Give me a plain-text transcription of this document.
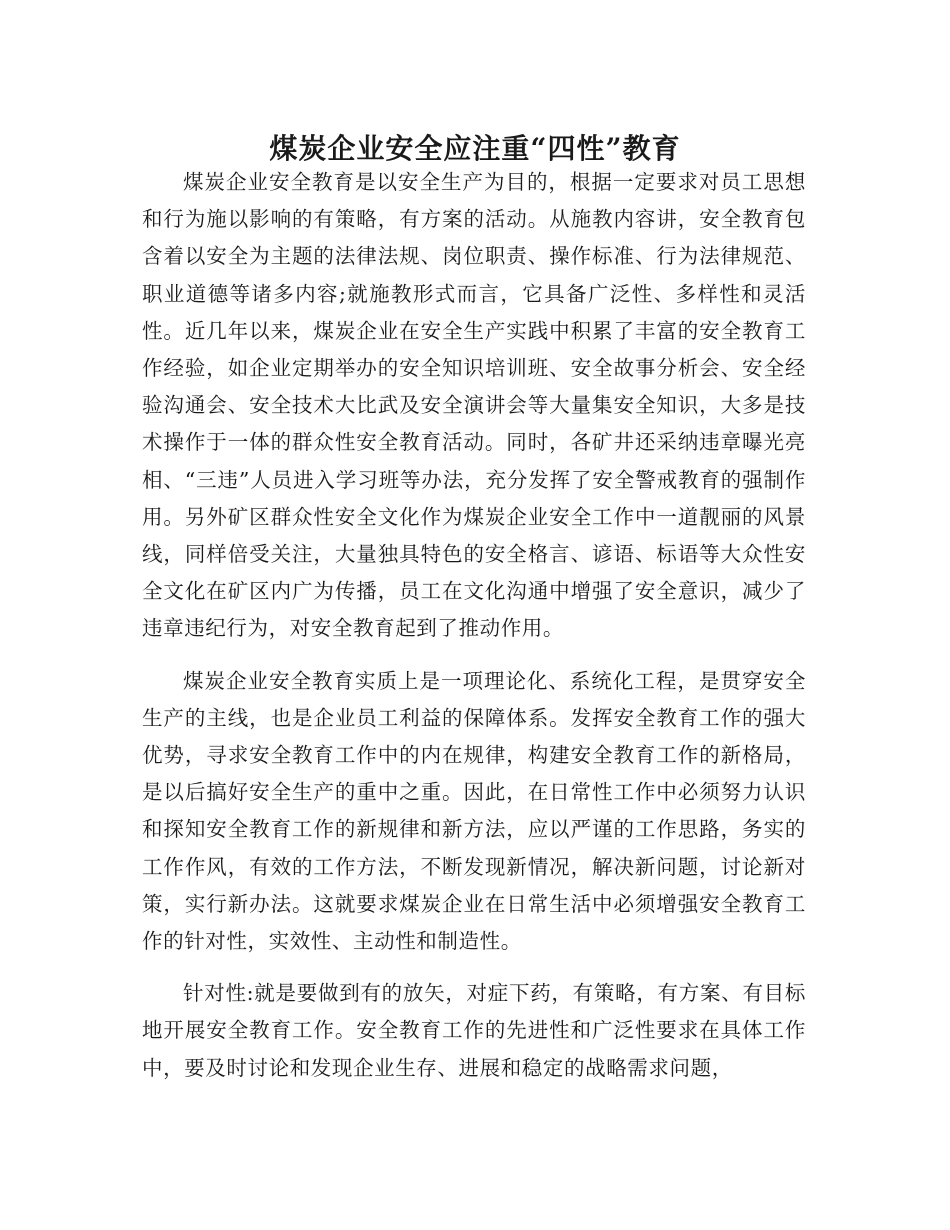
煤炭企业安全应注重“四性”教育

煤炭企业安全教育是以安全生产为目的，根据一定要求对员工思想和行为施以影响的有策略，有方案的活动。从施教内容讲，安全教育包含着以安全为主题的法律法规、岗位职责、操作标准、行为法律规范、职业道德等诸多内容;就施教形式而言，它具备广泛性、多样性和灵活性。近几年以来，煤炭企业在安全生产实践中积累了丰富的安全教育工作经验，如企业定期举办的安全知识培训班、安全故事分析会、安全经验沟通会、安全技术大比武及安全演讲会等大量集安全知识，大多是技术操作于一体的群众性安全教育活动。同时，各矿井还采纳违章曝光亮相、“三违”人员进入学习班等办法，充分发挥了安全警戒教育的强制作用。另外矿区群众性安全文化作为煤炭企业安全工作中一道靓丽的风景线，同样倍受关注，大量独具特色的安全格言、谚语、标语等大众性安全文化在矿区内广为传播，员工在文化沟通中增强了安全意识，减少了违章违纪行为，对安全教育起到了推动作用。

煤炭企业安全教育实质上是一项理论化、系统化工程，是贯穿安全生产的主线，也是企业员工利益的保障体系。发挥安全教育工作的强大优势，寻求安全教育工作中的内在规律，构建安全教育工作的新格局，是以后搞好安全生产的重中之重。因此，在日常性工作中必须努力认识和探知安全教育工作的新规律和新方法，应以严谨的工作思路，务实的工作作风，有效的工作方法，不断发现新情况，解决新问题，讨论新对策，实行新办法。这就要求煤炭企业在日常生活中必须增强安全教育工作的针对性，实效性、主动性和制造性。

针对性:就是要做到有的放矢，对症下药，有策略，有方案、有目标地开展安全教育工作。安全教育工作的先进性和广泛性要求在具体工作中，要及时讨论和发现企业生存、进展和稳定的战略需求问题，
